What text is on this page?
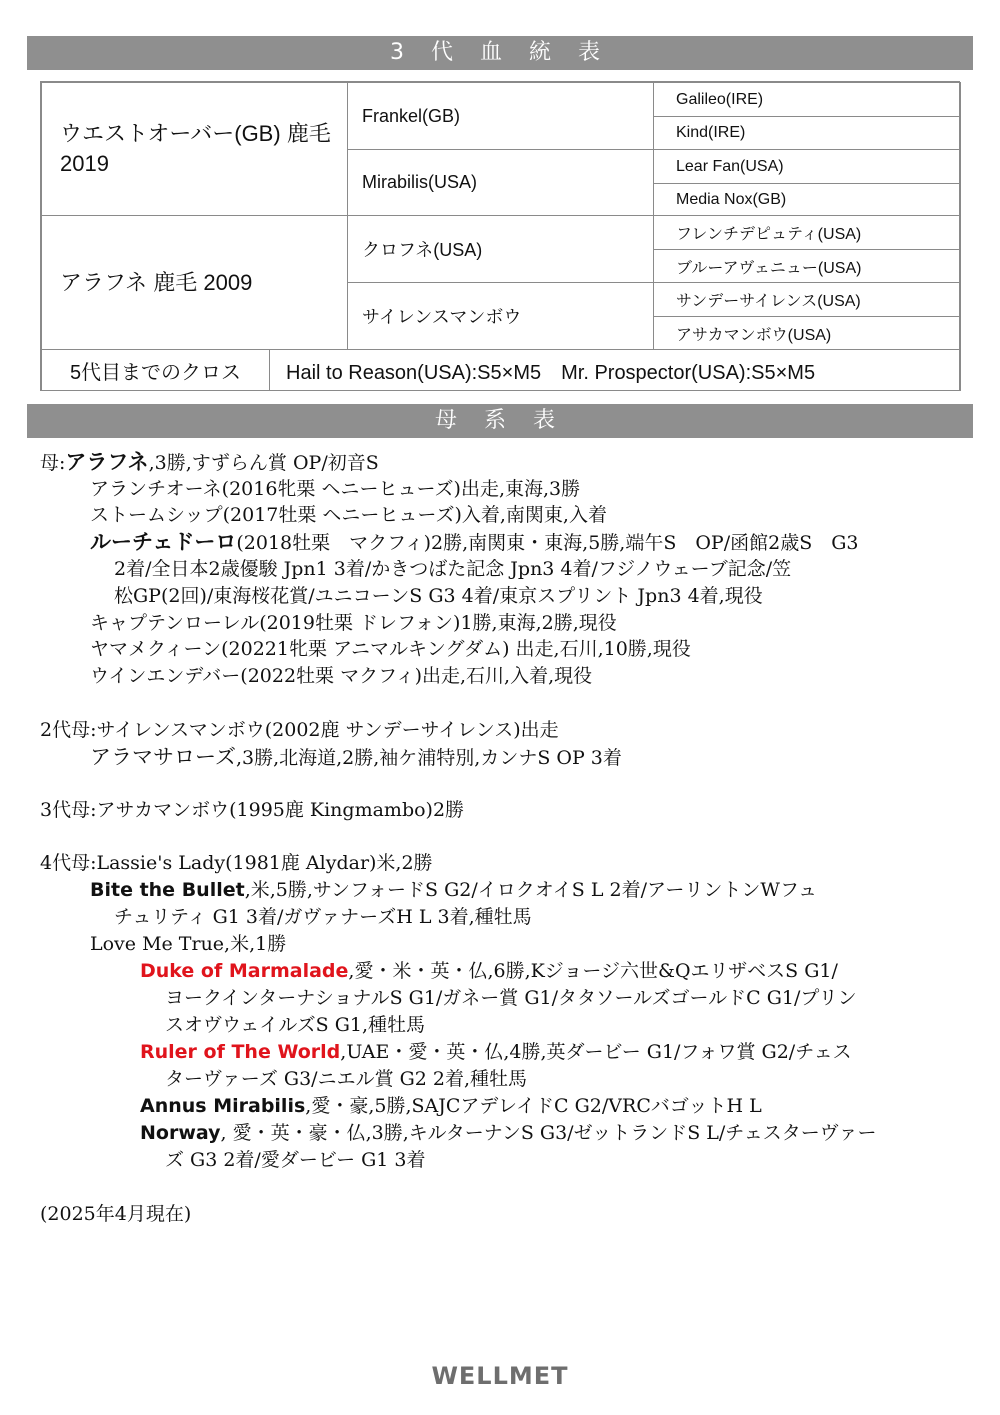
3 代 血 統 表
ウエストオーバー(GB) 鹿毛 2019
アラフネ 鹿毛 2009
Frankel(GB)
Mirabilis(USA)
クロフネ(USA)
サイレンスマンボウ
Galileo(IRE)
Kind(IRE)
Lear Fan(USA)
Media Nox(GB)
フレンチデピュティ(USA)
ブルーアヴェニュー(USA)
サンデーサイレンス(USA)
アサカマンボウ(USA)
5代目までのクロス Hail to Reason(USA):S5×M5　Mr. Prospector(USA):S5×M5
母 系 表
母:アラフネ,3勝,すずらん賞 OP/初音S
アランチオーネ(2016牝栗 ヘニーヒューズ)出走,東海,3勝
ストームシップ(2017牡栗 ヘニーヒューズ)入着,南関東,入着
ルーチェドーロ(2018牡栗　マクフィ)2勝,南関東・東海,5勝,端午S　OP/函館2歳S　G3
2着/全日本2歳優駿 Jpn1 3着/かきつばた記念 Jpn3 4着/フジノウェーブ記念/笠
松GP(2回)/東海桜花賞/ユニコーンS G3 4着/東京スプリント Jpn3 4着,現役
キャプテンローレル(2019牡栗 ドレフォン)1勝,東海,2勝,現役
ヤマメクィーン(20221牝栗 アニマルキングダム) 出走,石川,10勝,現役
ウインエンデバー(2022牡栗 マクフィ)出走,石川,入着,現役
2代母:サイレンスマンボウ(2002鹿 サンデーサイレンス)出走
アラマサローズ,3勝,北海道,2勝,袖ケ浦特別,カンナS OP 3着
3代母:アサカマンボウ(1995鹿 Kingmambo)2勝
4代母:Lassie's Lady(1981鹿 Alydar)米,2勝
Bite the Bullet,米,5勝,サンフォードS G2/イロクオイS L 2着/アーリントンWフュ
チュリティ G1 3着/ガヴァナーズH L 3着,種牡馬
Love Me True,米,1勝
Duke of Marmalade,愛・米・英・仏,6勝,Kジョージ六世&QエリザベスS G1/
ヨークインターナショナルS G1/ガネー賞 G1/タタソールズゴールドC G1/プリン
スオヴウェイルズS G1,種牡馬
Ruler of The World,UAE・愛・英・仏,4勝,英ダービー G1/フォワ賞 G2/チェス
ターヴァーズ G3/ニエル賞 G2 2着,種牡馬
Annus Mirabilis,愛・豪,5勝,SAJCアデレイドC G2/VRCバゴットH L
Norway, 愛・英・豪・仏,3勝,キルターナンS G3/ゼットランドS L/チェスターヴァー
ズ G3 2着/愛ダービー G1 3着
(2025年4月現在)
WELLMET
